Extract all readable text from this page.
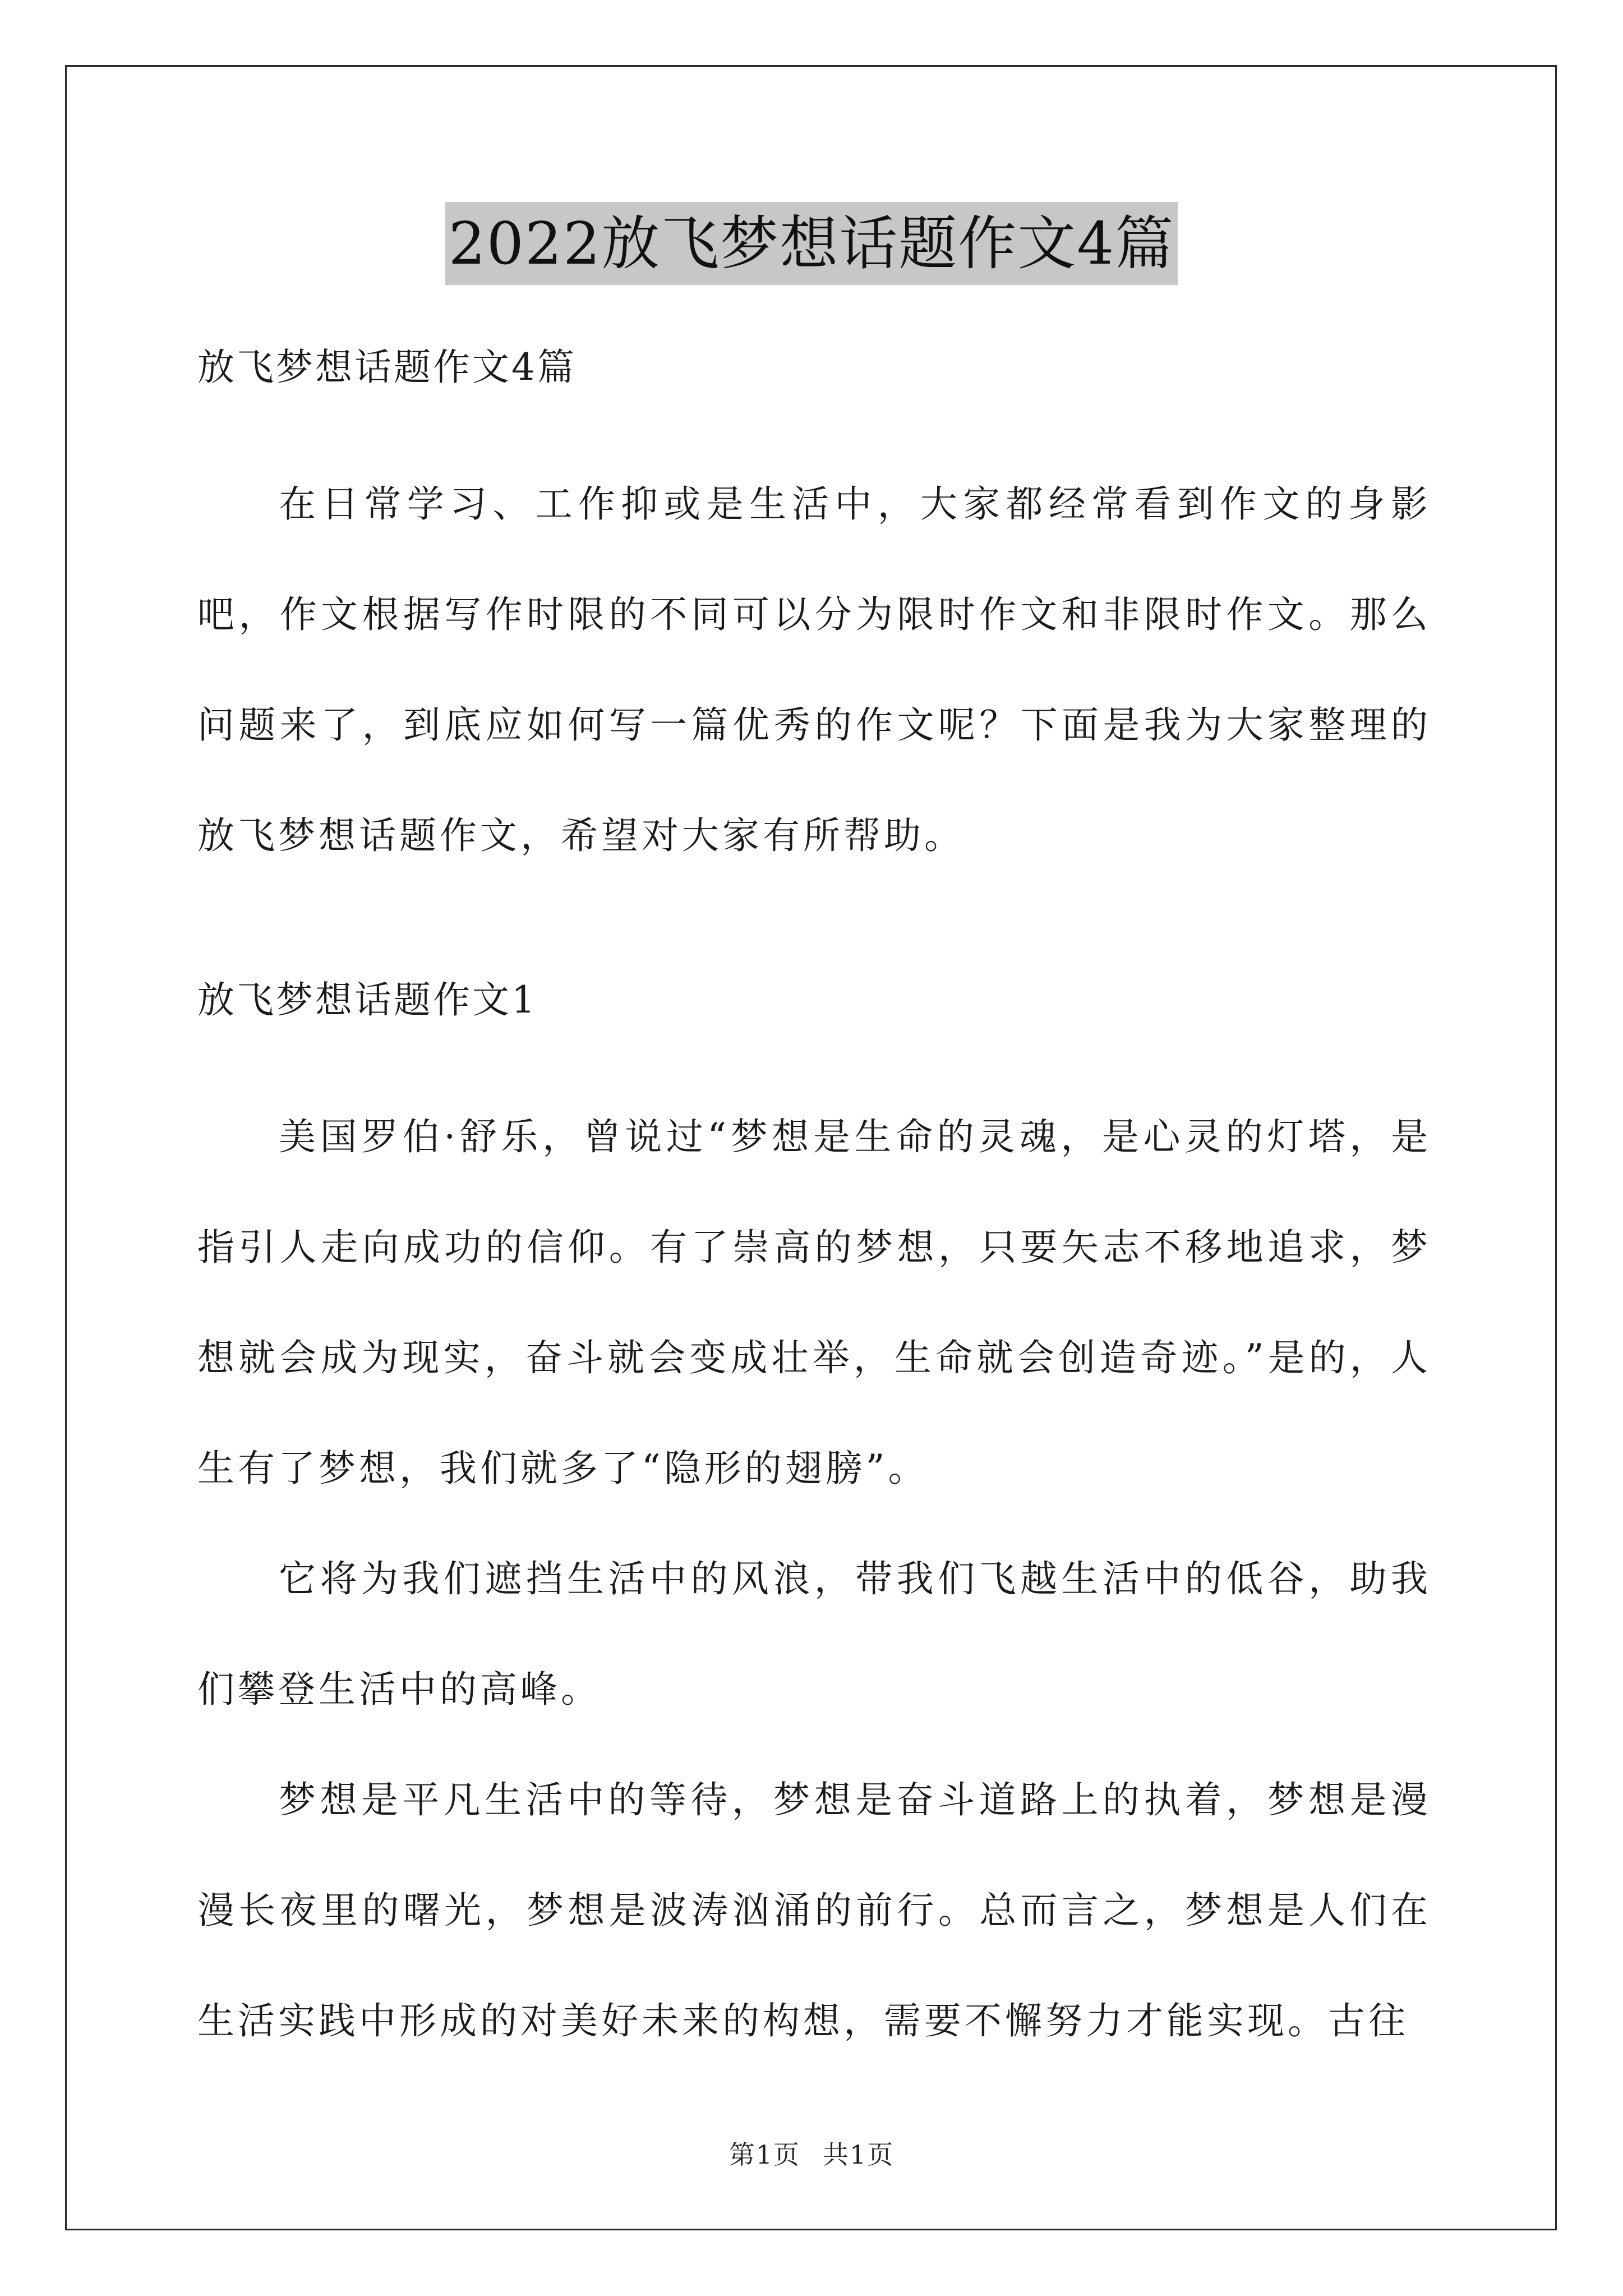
2022放飞梦想话题作文4篇

放飞梦想话题作文4篇

在日常学习、工作抑或是生活中，大家都经常看到作文的身影吧，作文根据写作时限的不同可以分为限时作文和非限时作文。那么问题来了，到底应如何写一篇优秀的作文呢？下面是我为大家整理的放飞梦想话题作文，希望对大家有所帮助。

放飞梦想话题作文1

美国罗伯·舒乐，曾说过“梦想是生命的灵魂，是心灵的灯塔，是指引人走向成功的信仰。有了崇高的梦想，只要矢志不移地追求，梦想就会成为现实，奋斗就会变成壮举，生命就会创造奇迹。”是的，人生有了梦想，我们就多了“隐形的翅膀”。

它将为我们遮挡生活中的风浪，带我们飞越生活中的低谷，助我们攀登生活中的高峰。

梦想是平凡生活中的等待，梦想是奋斗道路上的执着，梦想是漫漫长夜里的曙光，梦想是波涛汹涌的前行。总而言之，梦想是人们在生活实践中形成的对美好未来的构想，需要不懈努力才能实现。古往

第1页 共1页
